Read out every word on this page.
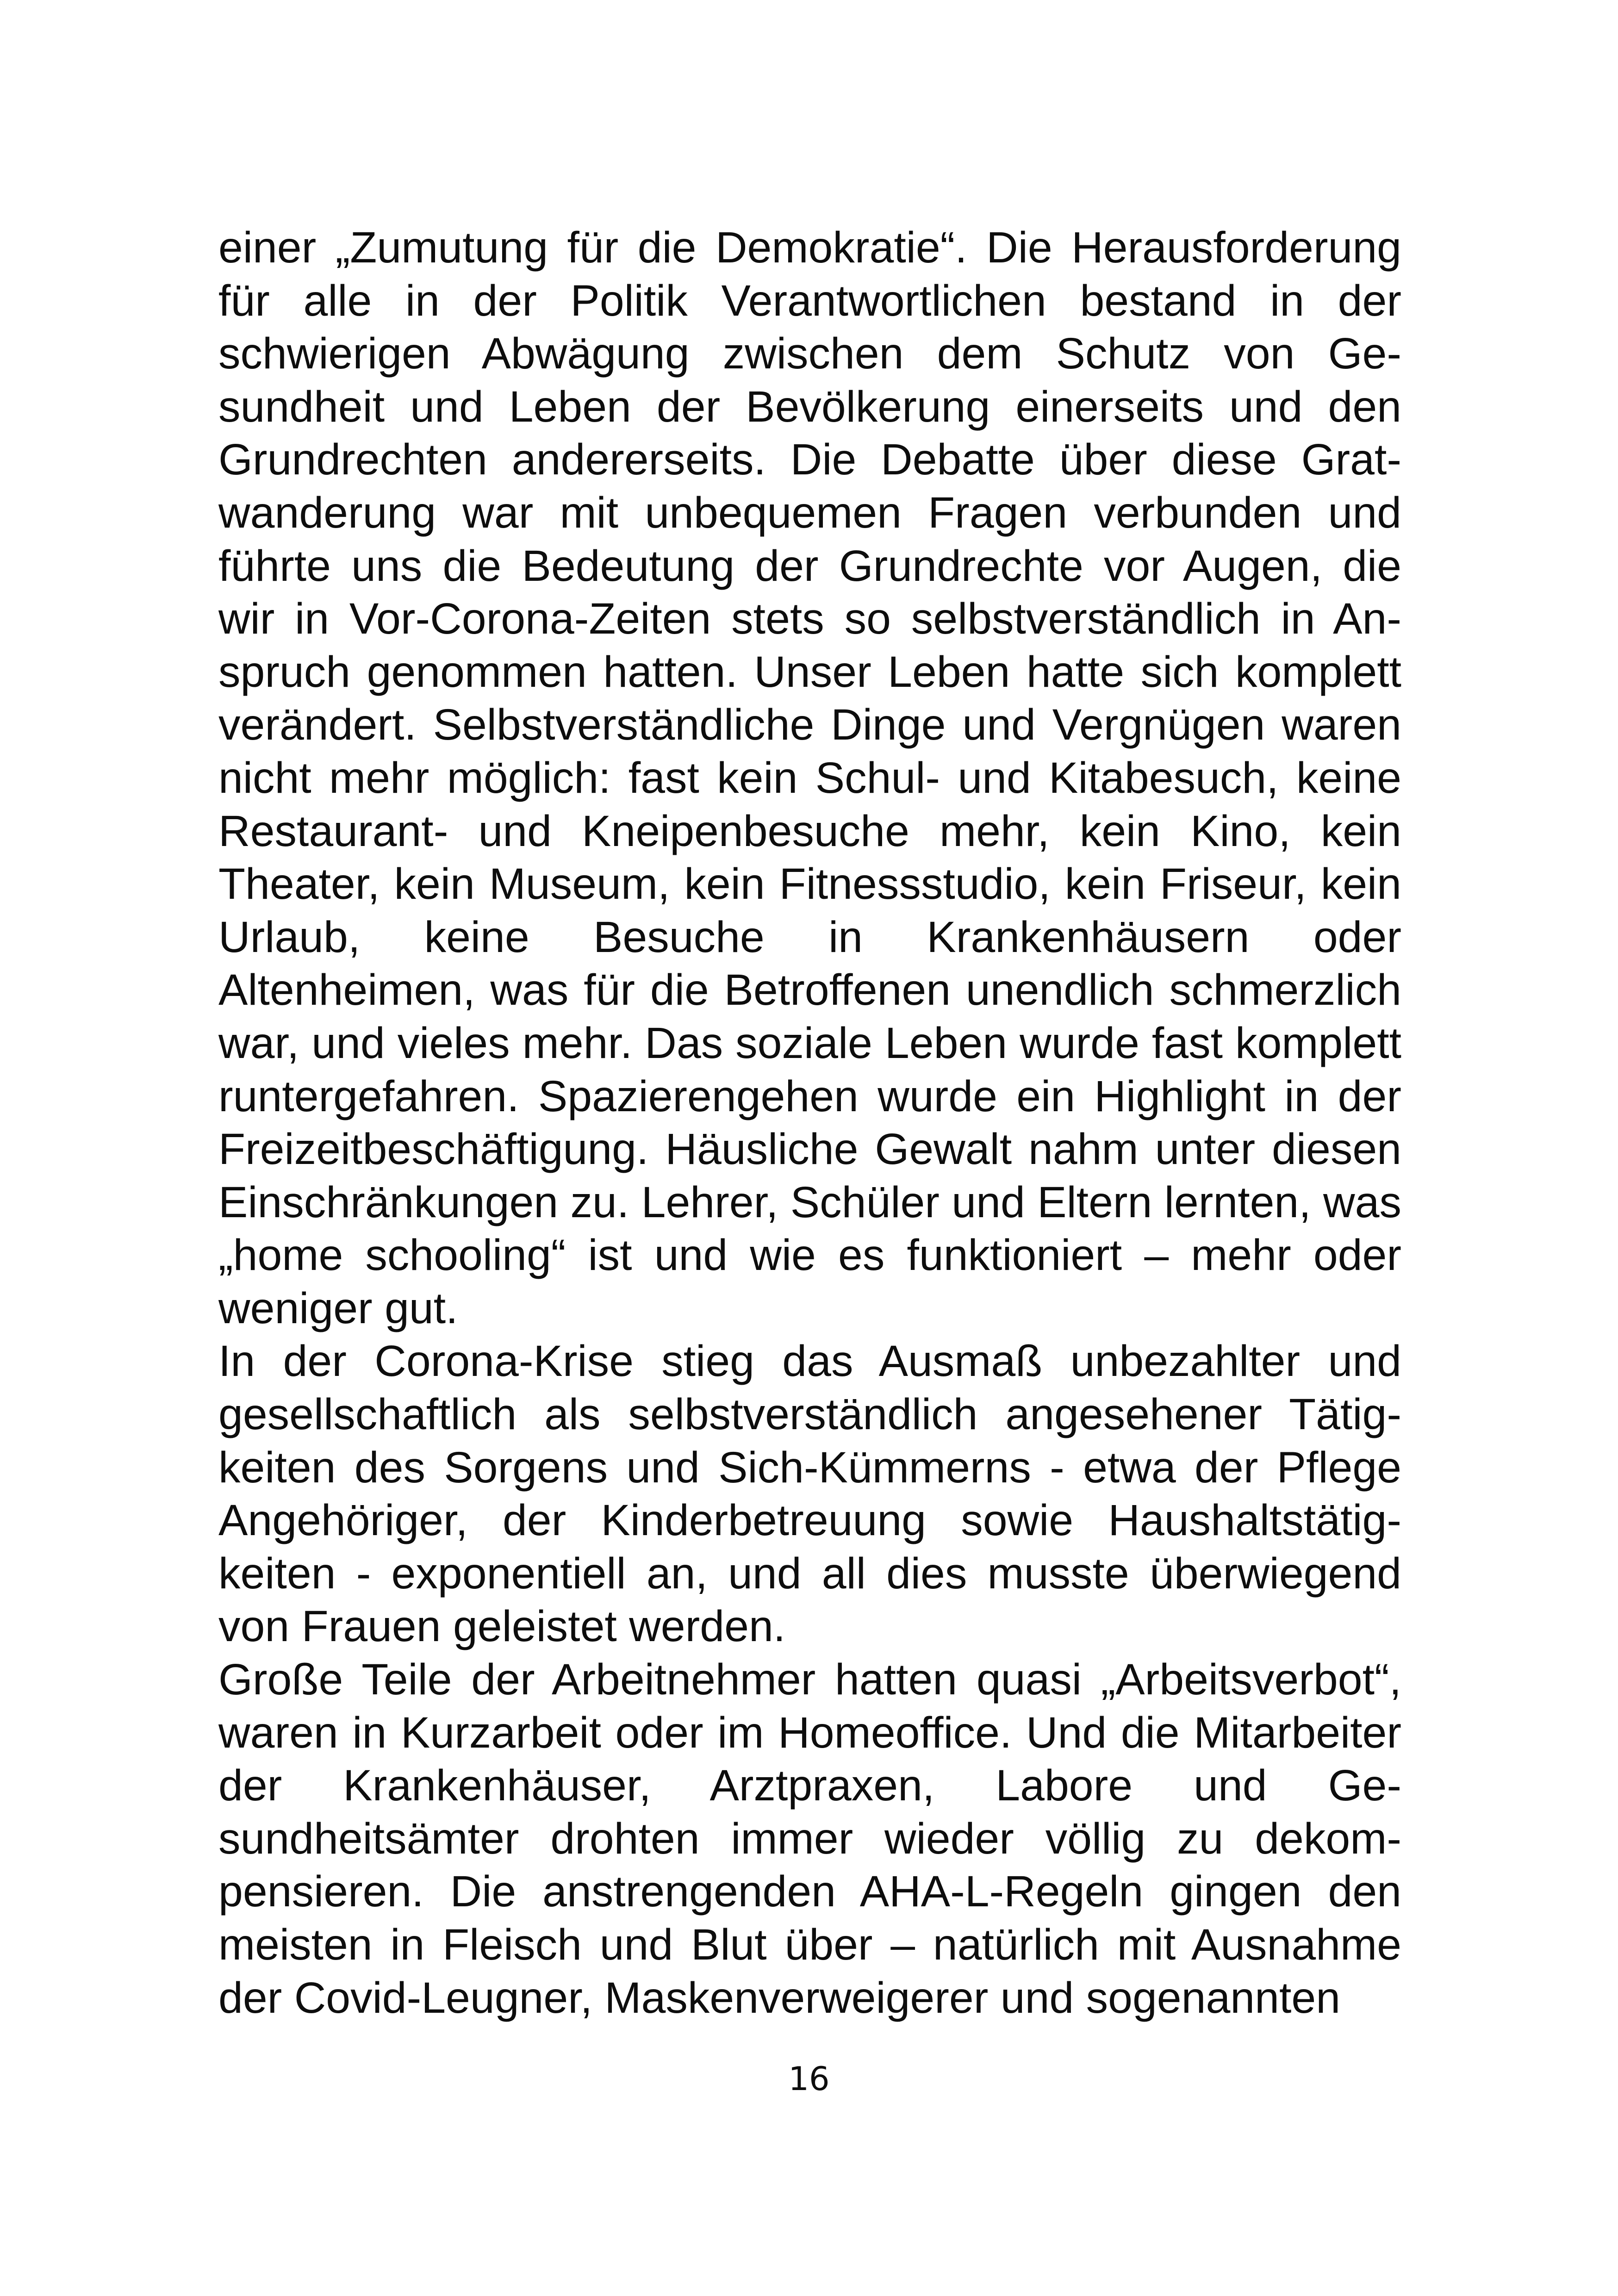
einer „Zumutung für die Demokratie“. Die Herausforderung für alle in der Politik Verantwortlichen bestand in der schwierigen Abwägung zwischen dem Schutz von Gesundheit und Leben der Bevölkerung einerseits und den Grundrechten andererseits. Die Debatte über diese Gratwanderung war mit unbequemen Fragen verbunden und führte uns die Bedeutung der Grundrechte vor Augen, die wir in Vor-Corona-Zeiten stets so selbstverständlich in Anspruch genommen hatten. Unser Leben hatte sich komplett verändert. Selbstverständliche Dinge und Vergnügen waren nicht mehr möglich: fast kein Schul- und Kitabesuch, keine Restaurant- und Kneipenbesuche mehr, kein Kino, kein Theater, kein Museum, kein Fitnessstudio, kein Friseur, kein Urlaub, keine Besuche in Krankenhäusern oder Altenheimen, was für die Betroffenen unendlich schmerzlich war, und vieles mehr. Das soziale Leben wurde fast komplett runtergefahren. Spazierengehen wurde ein Highlight in der Freizeitbeschäftigung. Häusliche Gewalt nahm unter diesen Einschränkungen zu. Lehrer, Schüler und Eltern lernten, was „home schooling“ ist und wie es funktioniert – mehr oder weniger gut.

In der Corona-Krise stieg das Ausmaß unbezahlter und gesellschaftlich als selbstverständlich angesehener Tätigkeiten des Sorgens und Sich-Kümmerns - etwa der Pflege Angehöriger, der Kinderbetreuung sowie Haushaltstätigkeiten - exponentiell an, und all dies musste überwiegend von Frauen geleistet werden.

Große Teile der Arbeitnehmer hatten quasi „Arbeitsverbot“, waren in Kurzarbeit oder im Homeoffice. Und die Mitarbeiter der Krankenhäuser, Arztpraxen, Labore und Gesundheitsämter drohten immer wieder völlig zu dekompensieren. Die anstrengenden AHA-L-Regeln gingen den meisten in Fleisch und Blut über – natürlich mit Ausnahme der Covid-Leugner, Maskenverweigerer und sogenannten

16
